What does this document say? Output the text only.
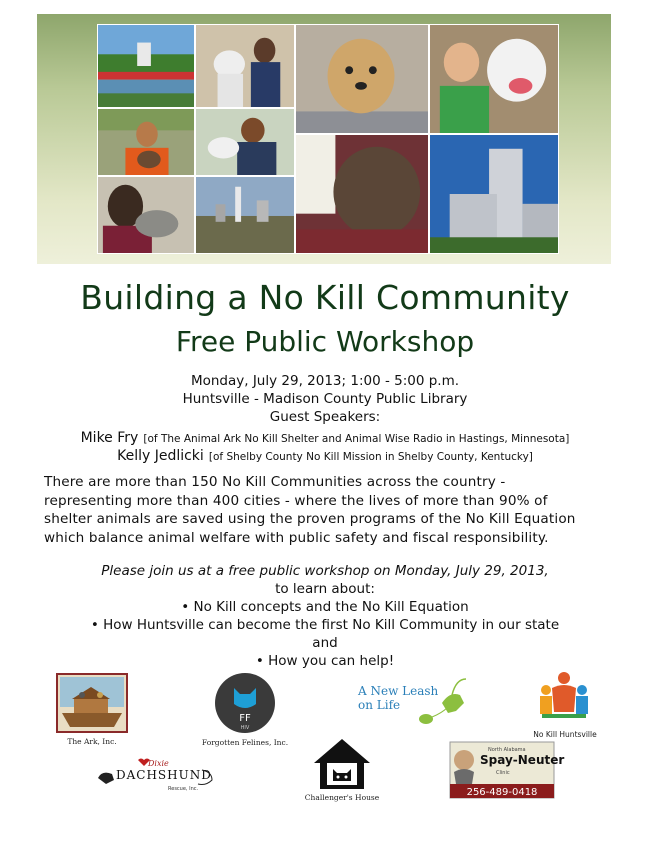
Building a No Kill Community
Free Public Workshop
Monday, July 29, 2013; 1:00 - 5:00 p.m.
Huntsville - Madison County Public Library
Guest Speakers:
Mike Fry [of The Animal Ark No Kill Shelter and Animal Wise Radio in Hastings, Minnesota]
Kelly Jedlicki [of Shelby County No Kill Mission in Shelby County, Kentucky]
There are more than 150 No Kill Communities across the country -
representing more than 400 cities - where the lives of more than 90% of
shelter animals are saved using the proven programs of the No Kill Equation
which balance animal welfare with public safety and fiscal responsibility.
Please join us at a free public workshop on Monday, July 29, 2013,
to learn about:
• No Kill concepts and the No Kill Equation
• How Huntsville can become the first No Kill Community in our state
and
• How you can help!
The Ark, Inc.
FF
HIV
Forgotten Felines, Inc.
A New Leash
on Life
No Kill Huntsville
Dixie
DACHSHUND
Rescue, Inc.
Challenger's House
North Alabama
Spay-Neuter
Clinic
256-489-0418
